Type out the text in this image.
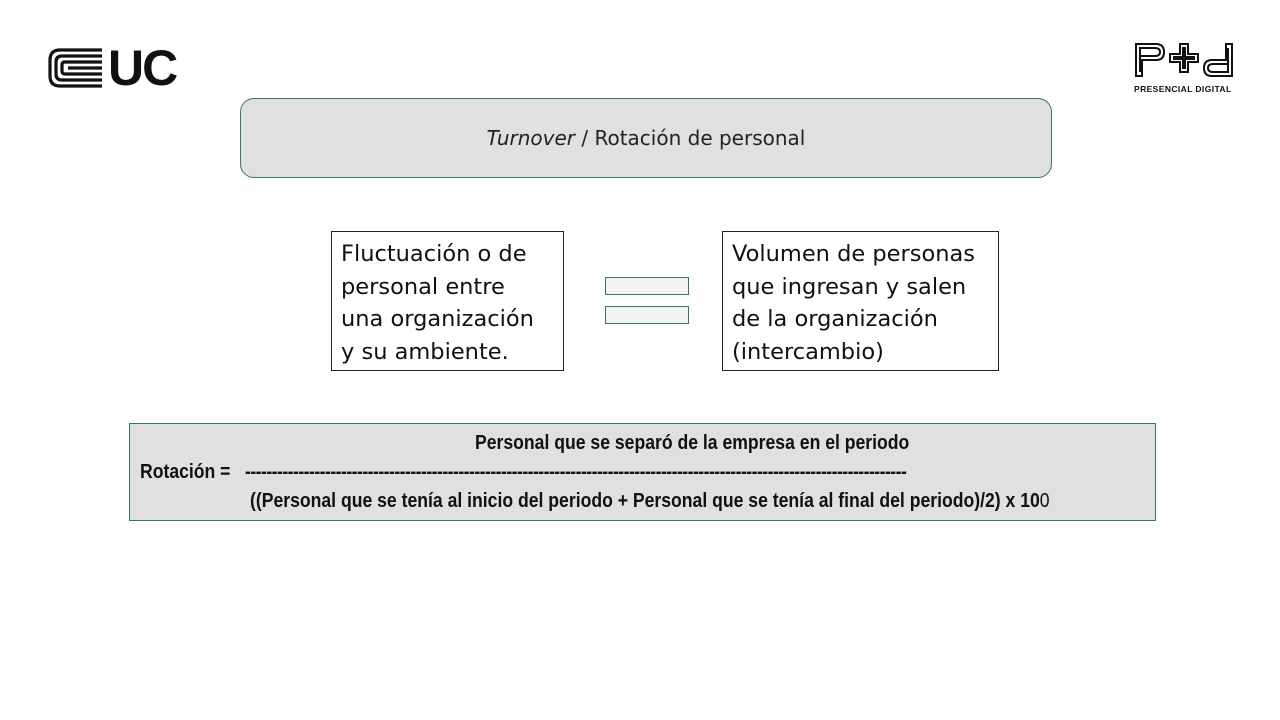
UC	PRESENCIAL DIGITAL
Turnover / Rotación de personal
Fluctuación o de personal entre una organización y su ambiente.
Volumen de personas que ingresan y salen de la organización (intercambio)
Personal que se separó de la empresa en el periodo
Rotación = ----------------------------------------------------------------------------------------------------------------------------
((Personal que se tenía al inicio del periodo + Personal que se tenía al final del periodo)/2) x 100
